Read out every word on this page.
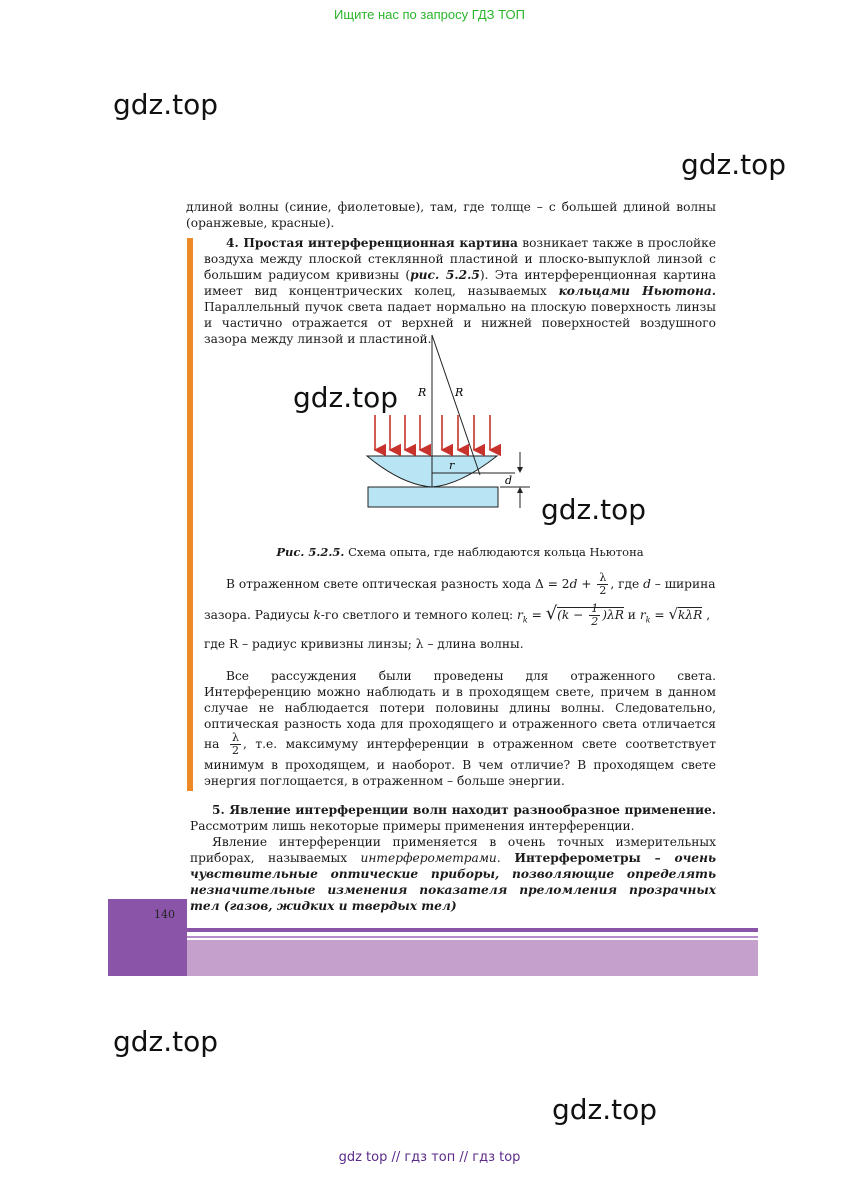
Ищите нас по запросу ГДЗ ТОП
gdz.top
gdz.top

длиной волны (синие, фиолетовые), там, где толще – с большей длиной волны (оранжевые, красные).

4. Простая интерференционная картина возникает также в прослойке воздуха между плоской стеклянной пластиной и плоско-выпуклой линзой с большим радиусом кривизны (рис. 5.2.5). Эта интерференционная картина имеет вид концентрических колец, называемых кольцами Ньютона. Параллельный пучок света падает нормально на плоскую поверхность линзы и частично отражается от верхней и нижней поверхностей воздушного зазора между линзой и пластиной.

R	R
r
d
gdz.top
gdz.top
Рис. 5.2.5. Схема опыта, где наблюдаются кольца Ньютона
В отраженном свете оптическая разность хода $\Delta = 2d + \frac{\lambda}{2}$ , где d – ширина
зазора. Радиусы k-го светлого и темного колец: $r_k = √(k - \frac{1}{2} )\lambda R$ и $r_k = √k\lambda R$ ,
где R – радиус кривизны линзы; λ – длина волны.

Все рассуждения были проведены для отраженного света. Интерференцию можно наблюдать и в проходящем свете, причем в данном случае не наблюдается потери половины длины волны. Следовательно, оптическая разность хода для проходящего и отраженного света отличается на $\frac{\lambda}{2}$ , т.е. максимуму интерференции в отраженном свете соответствует минимум в проходящем, и наоборот. В чем отличие? В проходящем свете энергия поглощается, в отраженном – больше энергии.

5. Явление интерференции волн находит разнообразное применение. Рассмотрим лишь некоторые примеры применения интерференции.

Явление интерференции применяется в очень точных измерительных приборах, называемых интерферометрами. Интерферометры – очень чувствительные оптические приборы, позволяющие определять незначительные изменения показателя преломления прозрачных тел (газов, жидких и твердых тел)

140
gdz.top
gdz.top
gdz top // гдз топ // гдз top
